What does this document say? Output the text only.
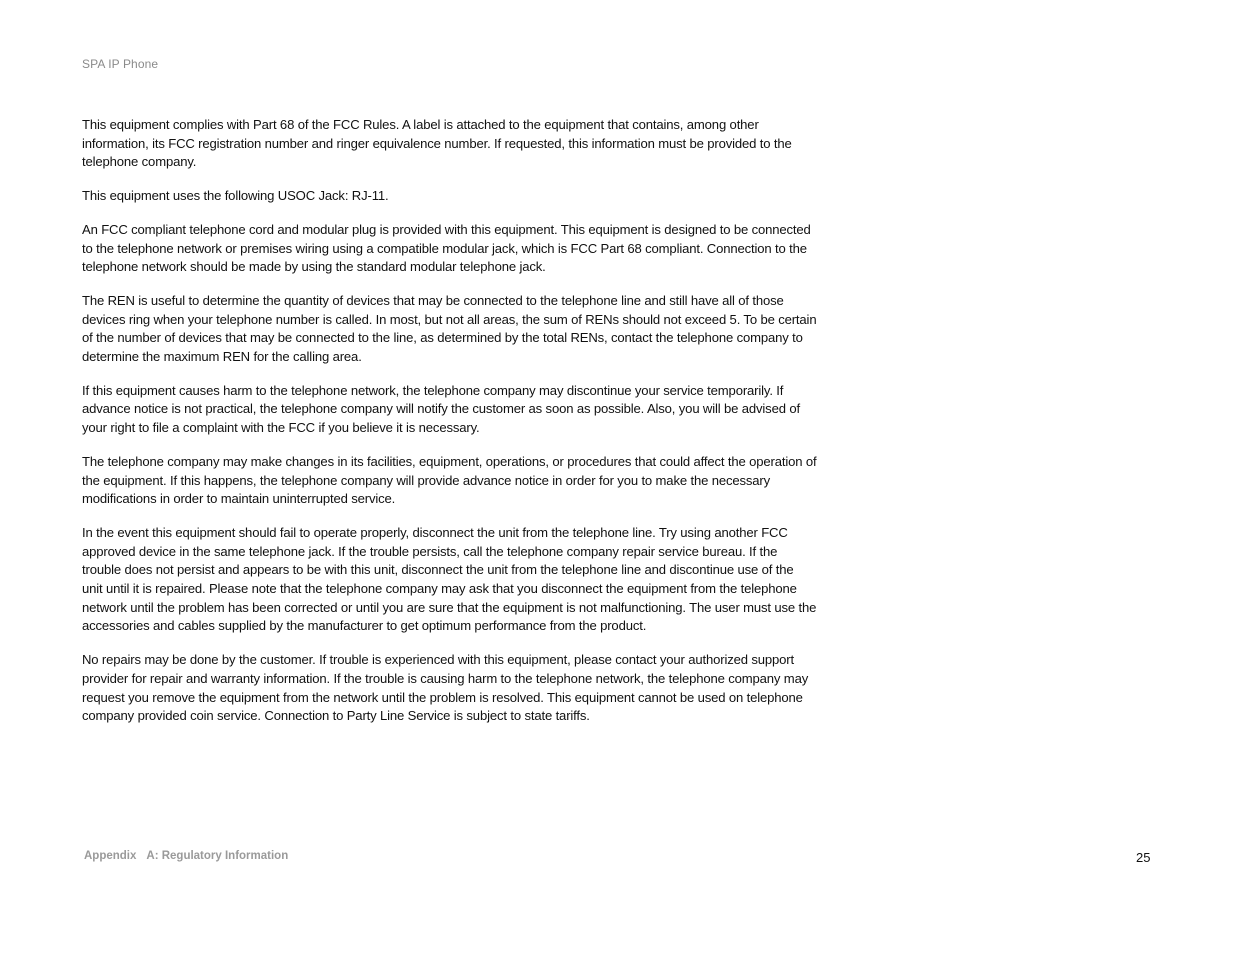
SPA IP Phone

This equipment complies with Part 68 of the FCC Rules. A label is attached to the equipment that contains, among other information, its FCC registration number and ringer equivalence number. If requested, this information must be provided to the telephone company.

This equipment uses the following USOC Jack: RJ-11.

An FCC compliant telephone cord and modular plug is provided with this equipment. This equipment is designed to be connected to the telephone network or premises wiring using a compatible modular jack, which is FCC Part 68 compliant. Connection to the telephone network should be made by using the standard modular telephone jack.

The REN is useful to determine the quantity of devices that may be connected to the telephone line and still have all of those devices ring when your telephone number is called. In most, but not all areas, the sum of RENs should not exceed 5. To be certain of the number of devices that may be connected to the line, as determined by the total RENs, contact the telephone company to determine the maximum REN for the calling area.

If this equipment causes harm to the telephone network, the telephone company may discontinue your service temporarily. If advance notice is not practical, the telephone company will notify the customer as soon as possible. Also, you will be advised of your right to file a complaint with the FCC if you believe it is necessary.

The telephone company may make changes in its facilities, equipment, operations, or procedures that could affect the operation of the equipment. If this happens, the telephone company will provide advance notice in order for you to make the necessary modifications in order to maintain uninterrupted service.

In the event this equipment should fail to operate properly, disconnect the unit from the telephone line. Try using another FCC approved device in the same telephone jack. If the trouble persists, call the telephone company repair service bureau. If the trouble does not persist and appears to be with this unit, disconnect the unit from the telephone line and discontinue use of the unit until it is repaired. Please note that the telephone company may ask that you disconnect the equipment from the telephone network until the problem has been corrected or until you are sure that the equipment is not malfunctioning. The user must use the accessories and cables supplied by the manufacturer to get optimum performance from the product.

No repairs may be done by the customer. If trouble is experienced with this equipment, please contact your authorized support provider for repair and warranty information. If the trouble is causing harm to the telephone network, the telephone company may request you remove the equipment from the network until the problem is resolved. This equipment cannot be used on telephone company provided coin service. Connection to Party Line Service is subject to state tariffs.

Appendix A: Regulatory Information	25
